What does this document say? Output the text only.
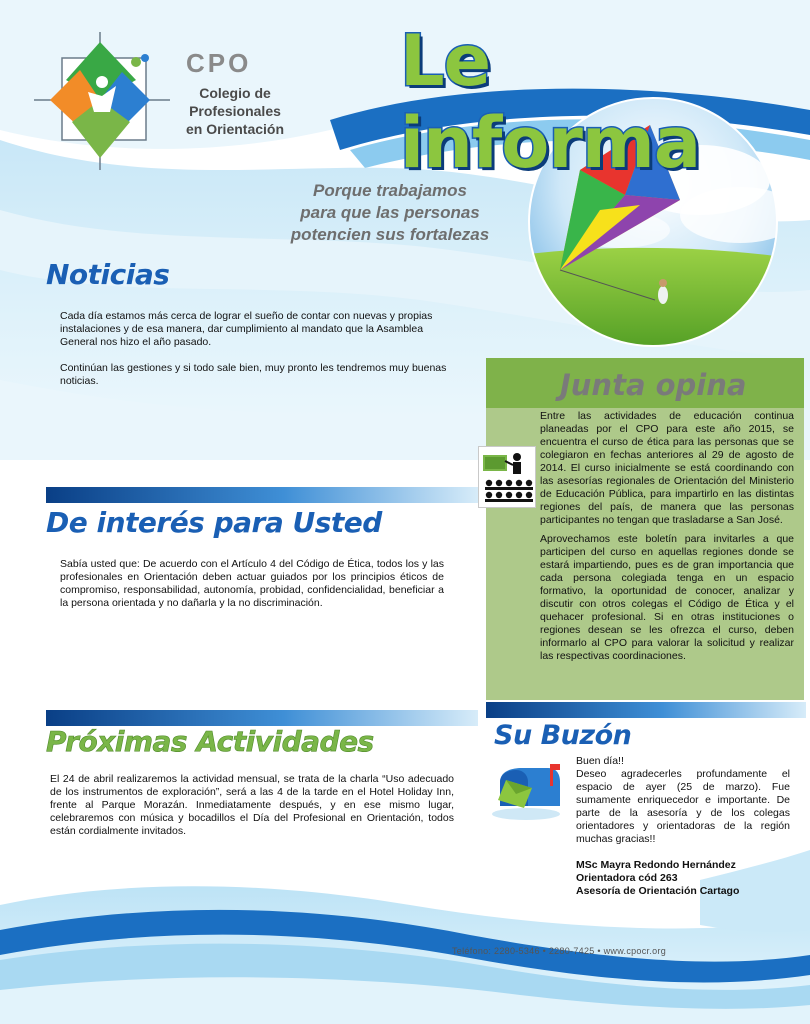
CPO
Colegio de
Profesionales
en Orientación
Le informa
Porque trabajamos
para que las personas
potencien sus fortalezas
Noticias

Cada día estamos más cerca de lograr el sueño de contar con nuevas y propias instalaciones y de esa manera, dar cumplimiento al mandato que la Asamblea General nos hizo el año pasado.

Continúan las gestiones y si todo sale bien, muy pronto les tendremos muy buenas noticias.

De interés para Usted

Sabía usted que: De acuerdo con el Artículo 4 del Código de Ética, todos los y las profesionales en Orientación deben actuar guiados por los principios éticos de compromiso, responsabilidad, autonomía, probidad, confidencialidad, beneficiar a la persona orientada y no dañarla y la no discriminación.

Próximas Actividades

El 24 de abril realizaremos la actividad mensual, se trata de la charla “Uso adecuado de los instrumentos de exploración”, será a las 4 de la tarde en el Hotel Holiday Inn, frente al Parque Morazán. Inmediatamente después, y en ese mismo lugar, celebraremos con música y bocadillos el Día del Profesional en Orientación, todos están cordialmente invitados.

Junta opina

Entre las actividades de educación continua planeadas por el CPO para este año 2015, se encuentra el curso de ética para las personas que se colegiaron en fechas anteriores al 29 de agosto de 2014. El curso inicialmente se está coordinando con las asesorías regionales de Orientación del Ministerio de Educación Pública, para impartirlo en las distintas regiones del país, de manera que las personas participantes no tengan que trasladarse a San José.

Aprovechamos este boletín para invitarles a que participen del curso en aquellas regiones donde se estará impartiendo, pues es de gran importancia que cada persona colegiada tenga en un espacio formativo, la oportunidad de conocer, analizar y discutir con otros colegas el Código de Ética y el quehacer profesional. Si en otras instituciones o regiones desean se les ofrezca el curso, deben informarlo al CPO para valorar la solicitud y realizar las respectivas coordinaciones.

Su Buzón

Buen día!!

Deseo agradecerles profundamente el espacio de ayer (25 de marzo). Fue sumamente enriquecedor e importante. De parte de la asesoría y de los colegas orientadores y orientadoras de la región muchas gracias!!

MSc Mayra Redondo Hernández

Orientadora cód 263

Asesoría de Orientación Cartago

Teléfono: 2280-5346 • 2280-7425 • www.cpocr.org
